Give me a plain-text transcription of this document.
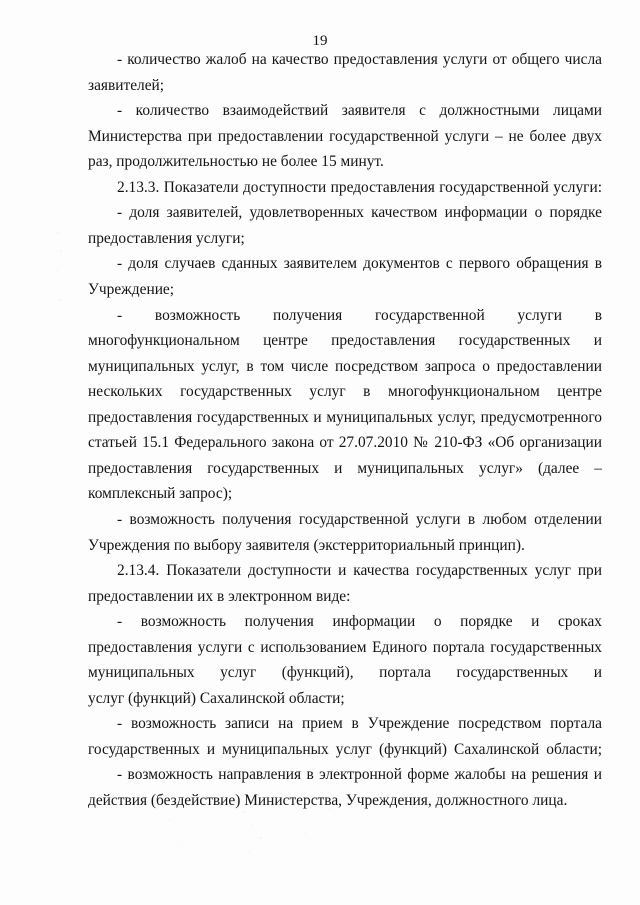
19
- количество жалоб на качество предоставления услуги от общего числа
заявителей;
- количество взаимодействий заявителя с должностными лицами
Министерства при предоставлении государственной услуги – не более двух
раз, продолжительностью не более 15 минут.
2.13.3. Показатели доступности предоставления государственной услуги:
- доля заявителей, удовлетворенных качеством информации о порядке
предоставления услуги;
- доля случаев сданных заявителем документов с первого обращения в
Учреждение;
- возможность получения государственной услуги в
многофункциональном центре предоставления государственных и
муниципальных услуг, в том числе посредством запроса о предоставлении
нескольких государственных услуг в многофункциональном центре
предоставления государственных и муниципальных услуг, предусмотренного
статьей 15.1 Федерального закона от 27.07.2010 № 210-ФЗ «Об организации
предоставления государственных и муниципальных услуг» (далее –
комплексный запрос);
- возможность получения государственной услуги в любом отделении
Учреждения по выбору заявителя (экстерриториальный принцип).
2.13.4. Показатели доступности и качества государственных услуг при
предоставлении их в электронном виде:
- возможность получения информации о порядке и сроках
предоставления услуги с использованием Единого портала государственных
муниципальных услуг (функций), портала государственных и
услуг (функций) Сахалинской области;
- возможность записи на прием в Учреждение посредством портала
государственных и муниципальных услуг (функций) Сахалинской области;
- возможность направления в электронной форме жалобы на решения и
действия (бездействие) Министерства, Учреждения, должностного лица.
